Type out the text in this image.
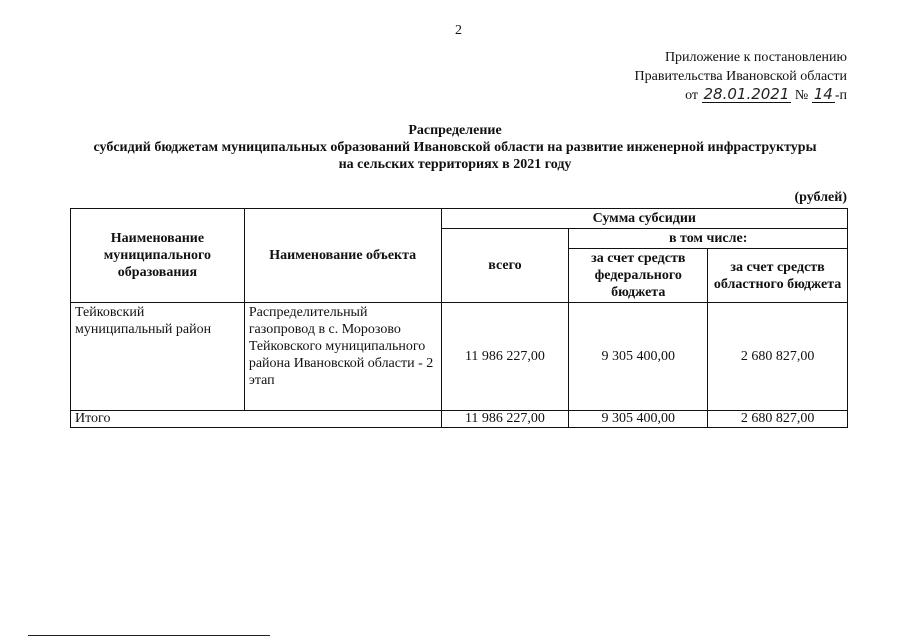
2
Приложение к постановлению
Правительства Ивановской области
от 28.01.2021 № 14 -п
Распределение
субсидий бюджетам муниципальных образований Ивановской области на развитие инженерной инфраструктуры
на сельских территориях в 2021 году
(рублей)
Наименование муниципального образования	Наименование объекта	Сумма субсидии		
		всего	в том числе:	
			за счет средств федерального бюджета	за счет средств областного бюджета
Тейковский муниципальный район	Распределительный газопровод в с. Морозово Тейковского муниципального района Ивановской области - 2 этап	11 986 227,00	9 305 400,00	2 680 827,00
Итого		11 986 227,00	9 305 400,00	2 680 827,00
